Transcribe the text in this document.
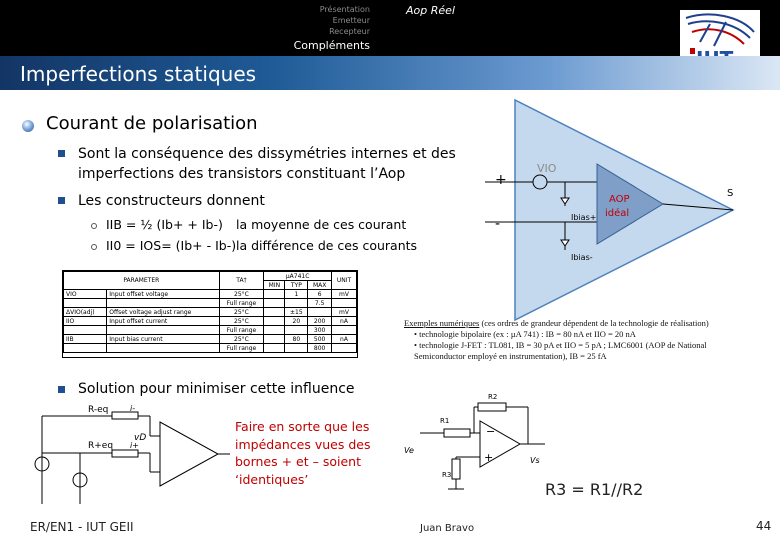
Présentation
Emetteur
Recepteur
Compléments
Aop Réel
Imperfections statiques
Courant de polarisation
Sont la conséquence des dissymétries internes et des
imperfections des transistors constituant l’Aop
Les constructeurs donnent
IIB = ½ (Ib+ + Ib-) la moyenne de ces courant
II0 = IOS= (Ib+ - Ib-) la différence de ces courants
+
-
VIO
Ibias+
Ibias-
AOP
idéal
S
PARAMETER		TA†	µA741C			UNIT
			MIN	TYP	MAX	
VIO	Input offset voltage	25°C		1	6	mV
		Full range			7.5	
ΔVIO(adj)	Offset voltage adjust range	25°C		±15		mV
IIO	Input offset current	25°C		20	200	nA
		Full range			300	
IIB	Input bias current	25°C		80	500	nA
		Full range			800	
Exemples numériques (ces ordres de grandeur dépendent de la technologie de réalisation)
• technologie bipolaire (ex : µA 741) : IB = 80 nA et IIO = 20 nA
• technologie J-FET : TL081, IB = 30 pA et IIO = 5 pA ; LMC6001 (AOP de National
Semiconductor employé en instrumentation), IB = 25 fA
Solution pour minimiser cette influence
R-eq
R+eq
i-
i+
vD
Faire en sorte que les
impédances vues des
bornes + et – soient
‘identiques’
−
+
R2
R1
R3
Ve
Vs
R3 = R1//R2
ER/EN1 - IUT GEII	Juan Bravo	44
